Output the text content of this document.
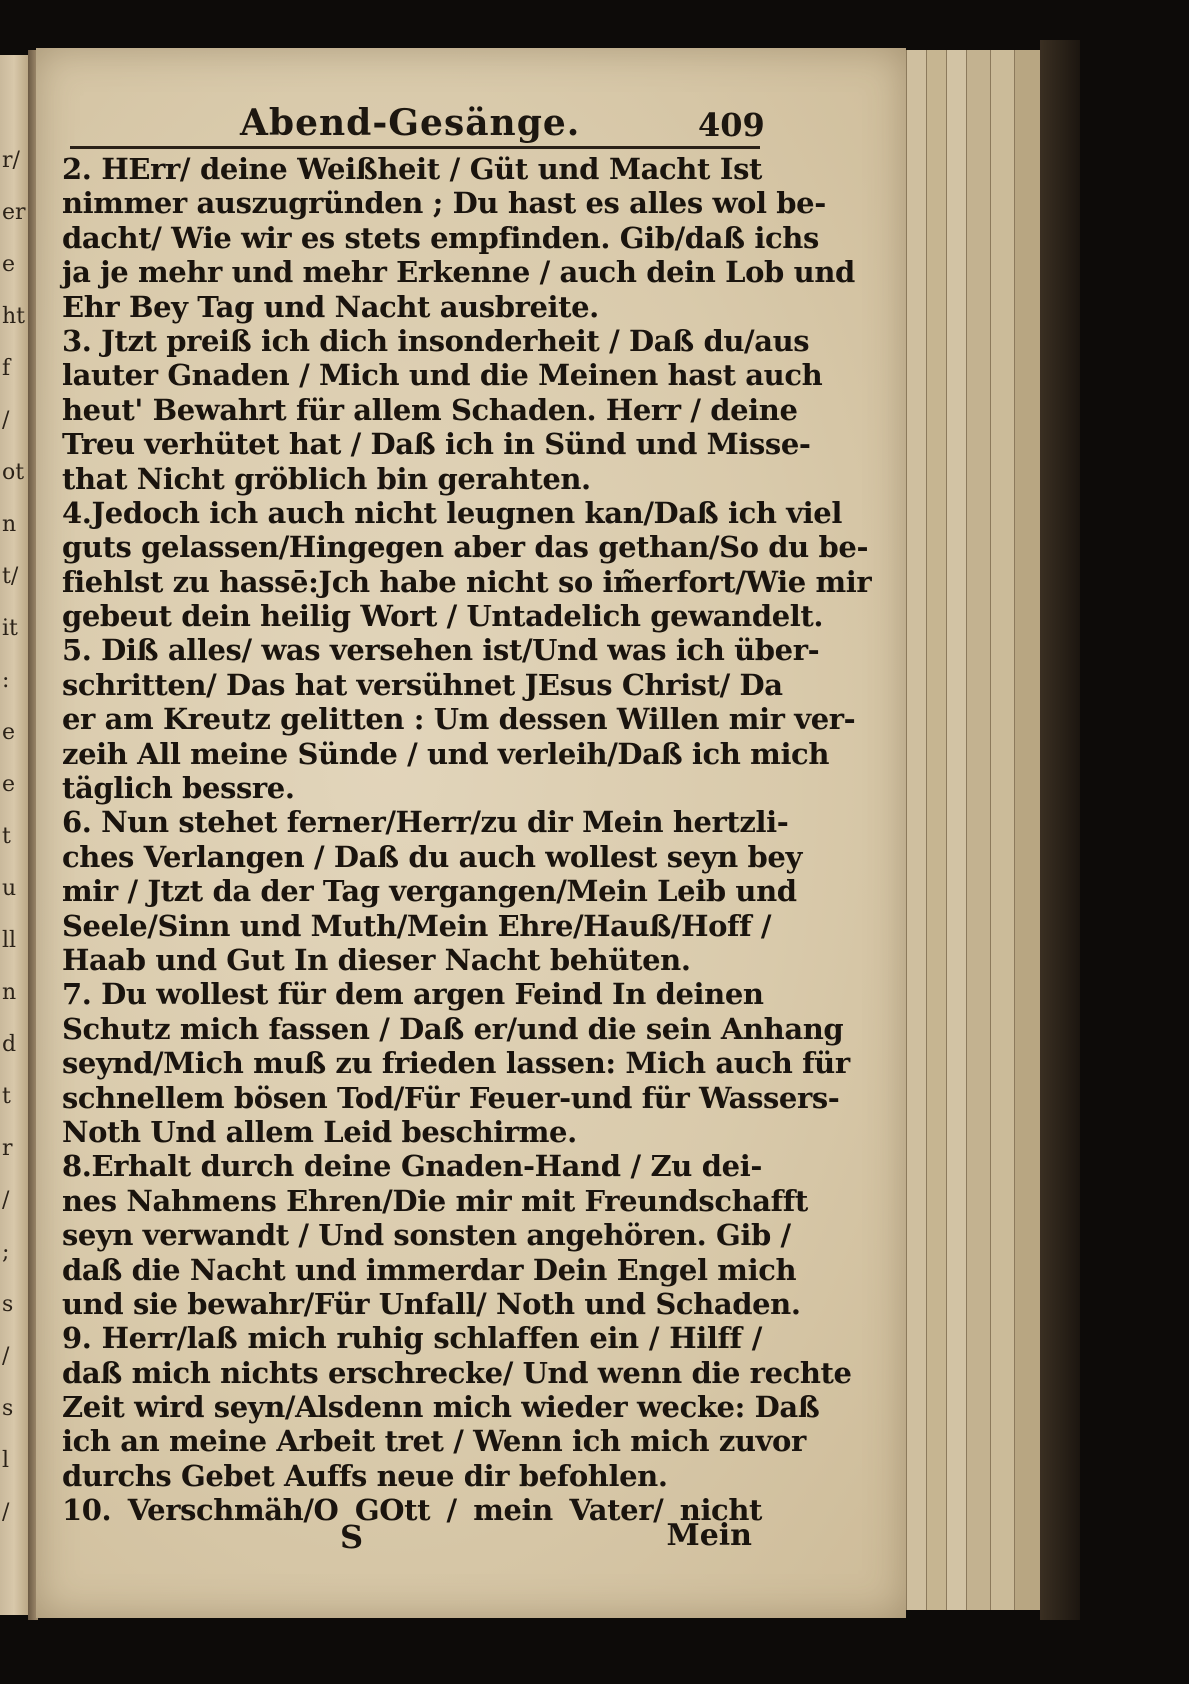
r/
er
e
ht
f
/
ot
n
t/
it
:
e
e
t
u
ll
n
d
t
r
/
;
s
/
s
l
/
Abend-Gesänge.	409
2. HErr/ deine Weißheit / Güt und Macht Ist
nimmer auszugründen ; Du hast es alles wol be-
dacht/ Wie wir es stets empfinden. Gib/daß ichs
ja je mehr und mehr Erkenne / auch dein Lob und
Ehr Bey Tag und Nacht ausbreite.
3. Jtzt preiß ich dich insonderheit / Daß du/aus
lauter Gnaden / Mich und die Meinen hast auch
heut' Bewahrt für allem Schaden. Herr / deine
Treu verhütet hat / Daß ich in Sünd und Misse-
that Nicht gröblich bin gerahten.
4.Jedoch ich auch nicht leugnen kan/Daß ich viel
guts gelassen/Hingegen aber das gethan/So du be-
fiehlst zu hassē:Jch habe nicht so im̃erfort/Wie mir
gebeut dein heilig Wort / Untadelich gewandelt.
5. Diß alles/ was versehen ist/Und was ich über-
schritten/ Das hat versühnet JEsus Christ/ Da
er am Kreutz gelitten : Um dessen Willen mir ver-
zeih All meine Sünde / und verleih/Daß ich mich
täglich bessre.
6. Nun stehet ferner/Herr/zu dir Mein hertzli-
ches Verlangen / Daß du auch wollest seyn bey
mir / Jtzt da der Tag vergangen/Mein Leib und
Seele/Sinn und Muth/Mein Ehre/Hauß/Hoff /
Haab und Gut In dieser Nacht behüten.
7. Du wollest für dem argen Feind In deinen
Schutz mich fassen / Daß er/und die sein Anhang
seynd/Mich muß zu frieden lassen: Mich auch für
schnellem bösen Tod/Für Feuer-und für Wassers-
Noth Und allem Leid beschirme.
8.Erhalt durch deine Gnaden-Hand / Zu dei-
nes Nahmens Ehren/Die mir mit Freundschafft
seyn verwandt / Und sonsten angehören. Gib /
daß die Nacht und immerdar Dein Engel mich
und sie bewahr/Für Unfall/ Noth und Schaden.
9. Herr/laß mich ruhig schlaffen ein / Hilff /
daß mich nichts erschrecke/ Und wenn die rechte
Zeit wird seyn/Alsdenn mich wieder wecke: Daß
ich an meine Arbeit tret / Wenn ich mich zuvor
durchs Gebet Auffs neue dir befohlen.
10. Verschmäh/O GOtt / mein Vater/ nicht
S	Mein
